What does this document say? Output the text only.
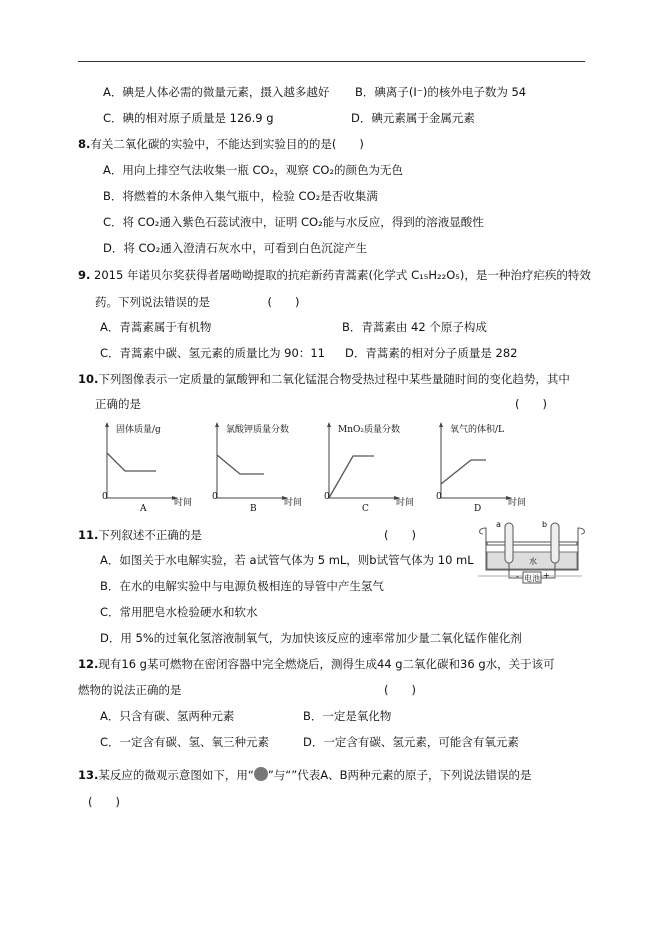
A．碘是人体必需的微量元素，摄入越多越好 B．碘离子(I⁻)的核外电子数为 54
C．碘的相对原子质量是 126.9 g	D．碘元素属于金属元素
8.有关二氧化碳的实验中，不能达到实验目的的是(　　)
A．用向上排空气法收集一瓶 CO₂，观察 CO₂的颜色为无色
B．将燃着的木条伸入集气瓶中，检验 CO₂是否收集满
C．将 CO₂通入紫色石蕊试液中，证明 CO₂能与水反应，得到的溶液显酸性
D．将 CO₂通入澄清石灰水中，可看到白色沉淀产生
9. 2015 年诺贝尔奖获得者屠呦呦提取的抗疟新药青蒿素(化学式 C₁₅H₂₂O₅)，是一种治疗疟疾的特效
药。下列说法错误的是　　　　　(　　)
A．青蒿素属于有机物	B．青蒿素由 42 个原子构成
C．青蒿素中碳、氢元素的质量比为 90：11 D．青蒿素的相对分子质量是 282
10.下列图像表示一定质量的氯酸钾和二氧化锰混合物受热过程中某些量随时间的变化趋势，其中
正确的是	(　　)
固体质量/g
0
时间
A
氯酸钾质量分数
0
时间
B
MnO₂质量分数
0
时间
C
氧气的体积/L
0
时间
D
11.下列叙述不正确的是	(　　)
A．如图关于水电解实验，若 a试管气体为 5 mL，则b试管气体为 10 mL
B．在水的电解实验中与电源负极相连的导管中产生氢气
C．常用肥皂水检验硬水和软水
D．用 5%的过氧化氢溶液制氧气，为加快该反应的速率常加少量二氧化锰作催化剂
a	b
水
电池
-	+
12.现有16 g某可燃物在密闭容器中完全燃烧后，测得生成44 g二氧化碳和36 g水，关于该可
燃物的说法正确的是	(　　)
A．只含有碳、氢两种元素	B．一定是氧化物
C．一定含有碳、氢、氧三种元素	D．一定含有碳、氢元素，可能含有氧元素
13.某反应的微观示意图如下，用“ ”与“”代表A、B两种元素的原子，下列说法错误的是
(　　)
